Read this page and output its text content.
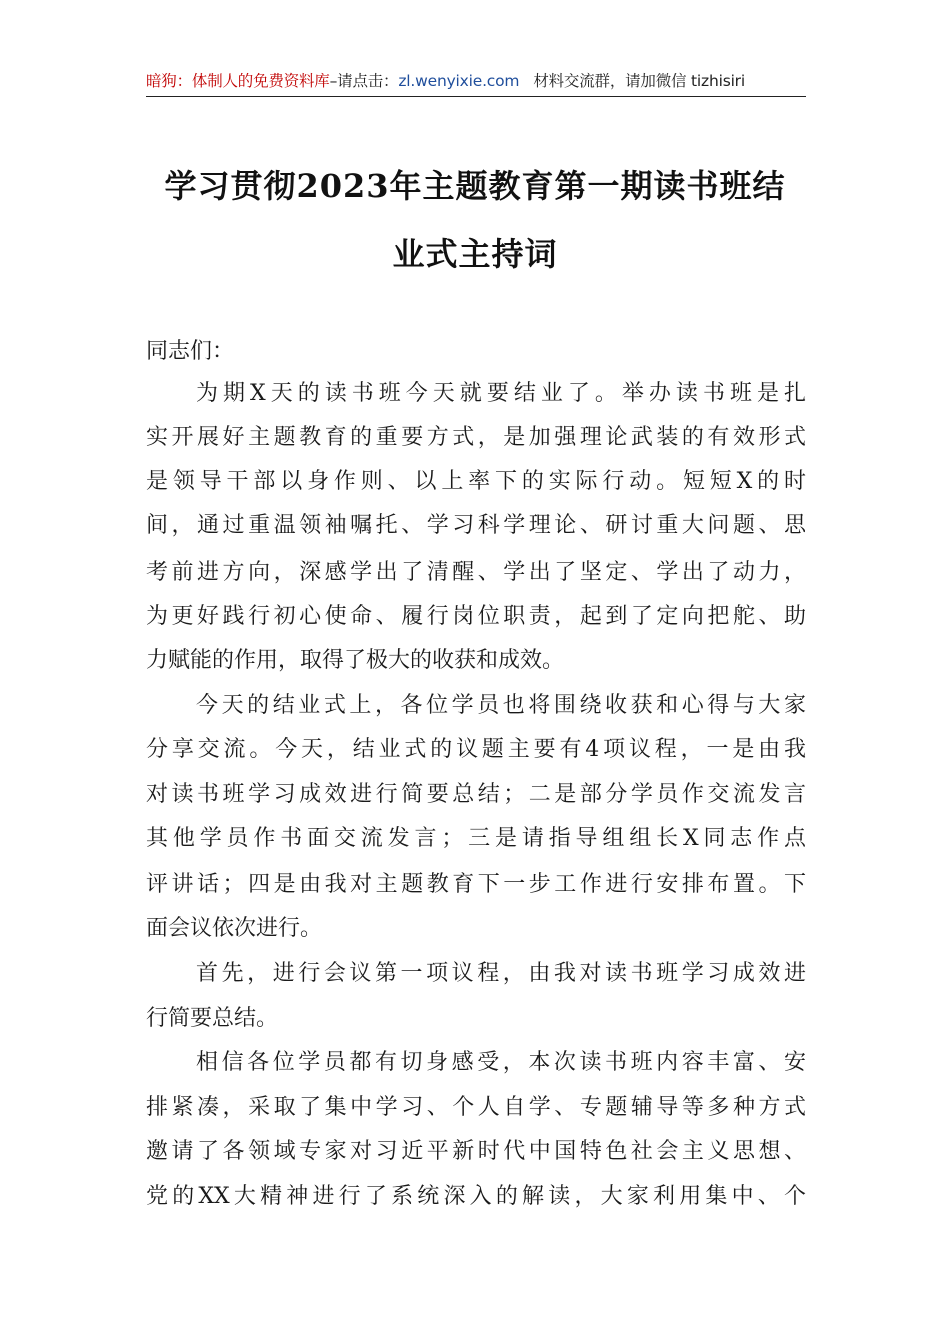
暗狗：体制人的免费资料库–请点击：zl.wenyixie.com 材料交流群，请加微信 tizhisiri
学习贯彻2023年主题教育第一期读书班结
业式主持词
同志们：
为期X天的读书班今天就要结业了。举办读书班是扎
实开展好主题教育的重要方式，是加强理论武装的有效形式
是领导干部以身作则、以上率下的实际行动。短短X的时
间，通过重温领袖嘱托、学习科学理论、研讨重大问题、思
考前进方向，深感学出了清醒、学出了坚定、学出了动力，
为更好践行初心使命、履行岗位职责，起到了定向把舵、助
力赋能的作用，取得了极大的收获和成效。
今天的结业式上，各位学员也将围绕收获和心得与大家
分享交流。今天，结业式的议题主要有4项议程，一是由我
对读书班学习成效进行简要总结；二是部分学员作交流发言
其他学员作书面交流发言；三是请指导组组长X同志作点
评讲话；四是由我对主题教育下一步工作进行安排布置。下
面会议依次进行。
首先，进行会议第一项议程，由我对读书班学习成效进
行简要总结。
相信各位学员都有切身感受，本次读书班内容丰富、安
排紧凑，采取了集中学习、个人自学、专题辅导等多种方式
邀请了各领域专家对习近平新时代中国特色社会主义思想、
党的XX大精神进行了系统深入的解读，大家利用集中、个
